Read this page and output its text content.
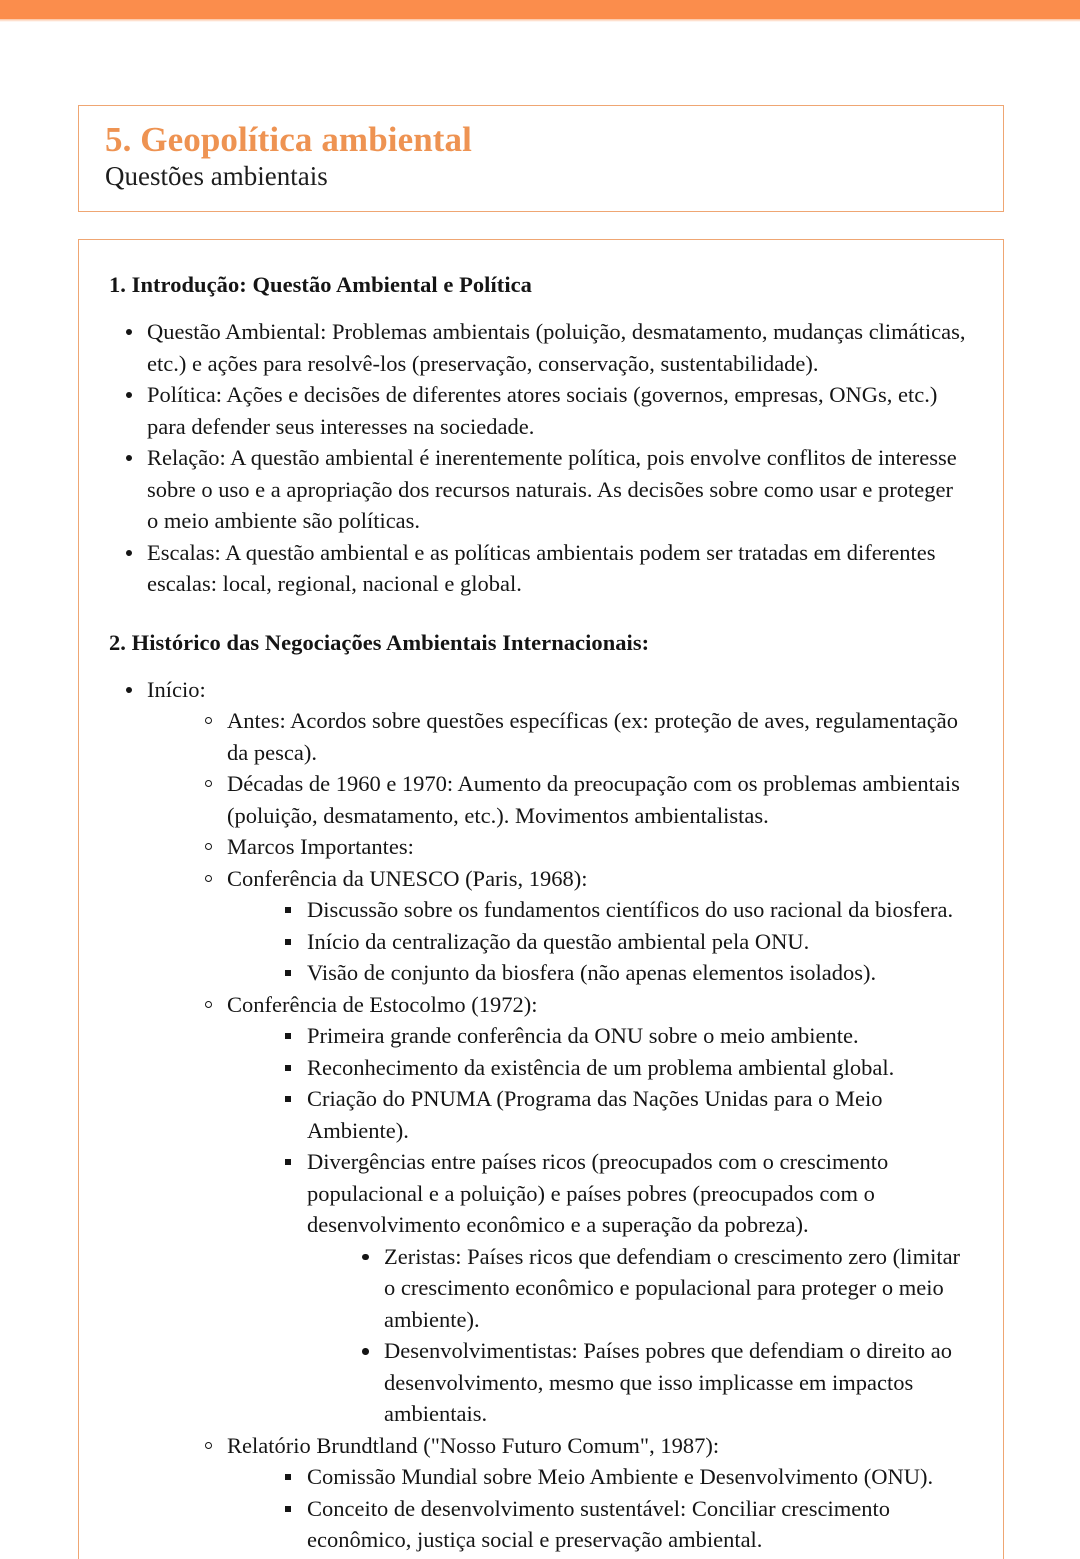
5. Geopolítica ambiental
Questões ambientais
1. Introdução: Questão Ambiental e Política
Questão Ambiental: Problemas ambientais (poluição, desmatamento, mudanças climáticas, etc.) e ações para resolvê-los (preservação, conservação, sustentabilidade).
Política: Ações e decisões de diferentes atores sociais (governos, empresas, ONGs, etc.) para defender seus interesses na sociedade.
Relação: A questão ambiental é inerentemente política, pois envolve conflitos de interesse sobre o uso e a apropriação dos recursos naturais. As decisões sobre como usar e proteger o meio ambiente são políticas.
Escalas: A questão ambiental e as políticas ambientais podem ser tratadas em diferentes escalas: local, regional, nacional e global.
2. Histórico das Negociações Ambientais Internacionais:
Início:
Antes: Acordos sobre questões específicas (ex: proteção de aves, regulamentação da pesca).
Décadas de 1960 e 1970: Aumento da preocupação com os problemas ambientais (poluição, desmatamento, etc.). Movimentos ambientalistas.
Marcos Importantes:
Conferência da UNESCO (Paris, 1968):
Discussão sobre os fundamentos científicos do uso racional da biosfera.
Início da centralização da questão ambiental pela ONU.
Visão de conjunto da biosfera (não apenas elementos isolados).
Conferência de Estocolmo (1972):
Primeira grande conferência da ONU sobre o meio ambiente.
Reconhecimento da existência de um problema ambiental global.
Criação do PNUMA (Programa das Nações Unidas para o Meio Ambiente).
Divergências entre países ricos (preocupados com o crescimento populacional e a poluição) e países pobres (preocupados com o desenvolvimento econômico e a superação da pobreza).
Zeristas: Países ricos que defendiam o crescimento zero (limitar o crescimento econômico e populacional para proteger o meio ambiente).
Desenvolvimentistas: Países pobres que defendiam o direito ao desenvolvimento, mesmo que isso implicasse em impactos ambientais.
Relatório Brundtland ("Nosso Futuro Comum", 1987):
Comissão Mundial sobre Meio Ambiente e Desenvolvimento (ONU).
Conceito de desenvolvimento sustentável: Conciliar crescimento econômico, justiça social e preservação ambiental.
